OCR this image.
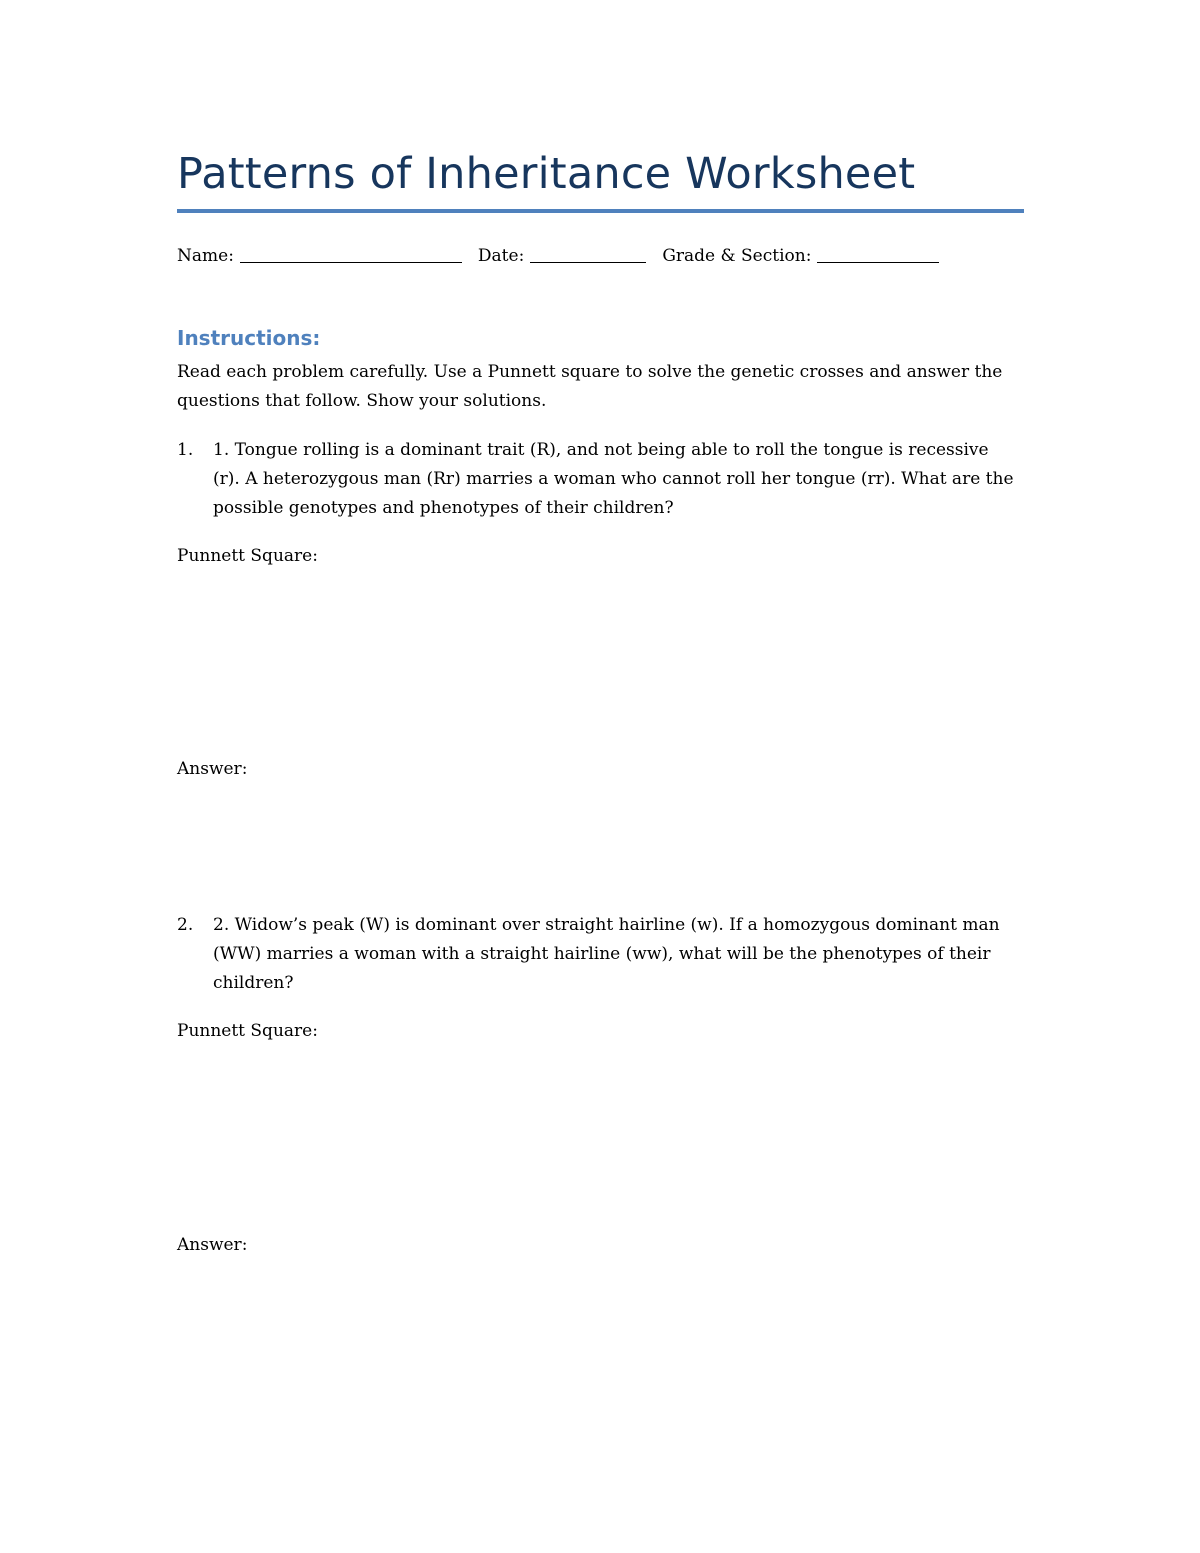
Patterns of Inheritance Worksheet
Name:	Date:	Grade & Section:
Instructions:

Read each problem carefully. Use a Punnett square to solve the genetic crosses and answer the questions that follow. Show your solutions.

1.	1. Tongue rolling is a dominant trait (R), and not being able to roll the tongue is recessive (r). A heterozygous man (Rr) marries a woman who cannot roll her tongue (rr). What are the possible genotypes and phenotypes of their children?

Punnett Square:

Answer:

2.	2. Widow’s peak (W) is dominant over straight hairline (w). If a homozygous dominant man (WW) marries a woman with a straight hairline (ww), what will be the phenotypes of their children?

Punnett Square:

Answer:
